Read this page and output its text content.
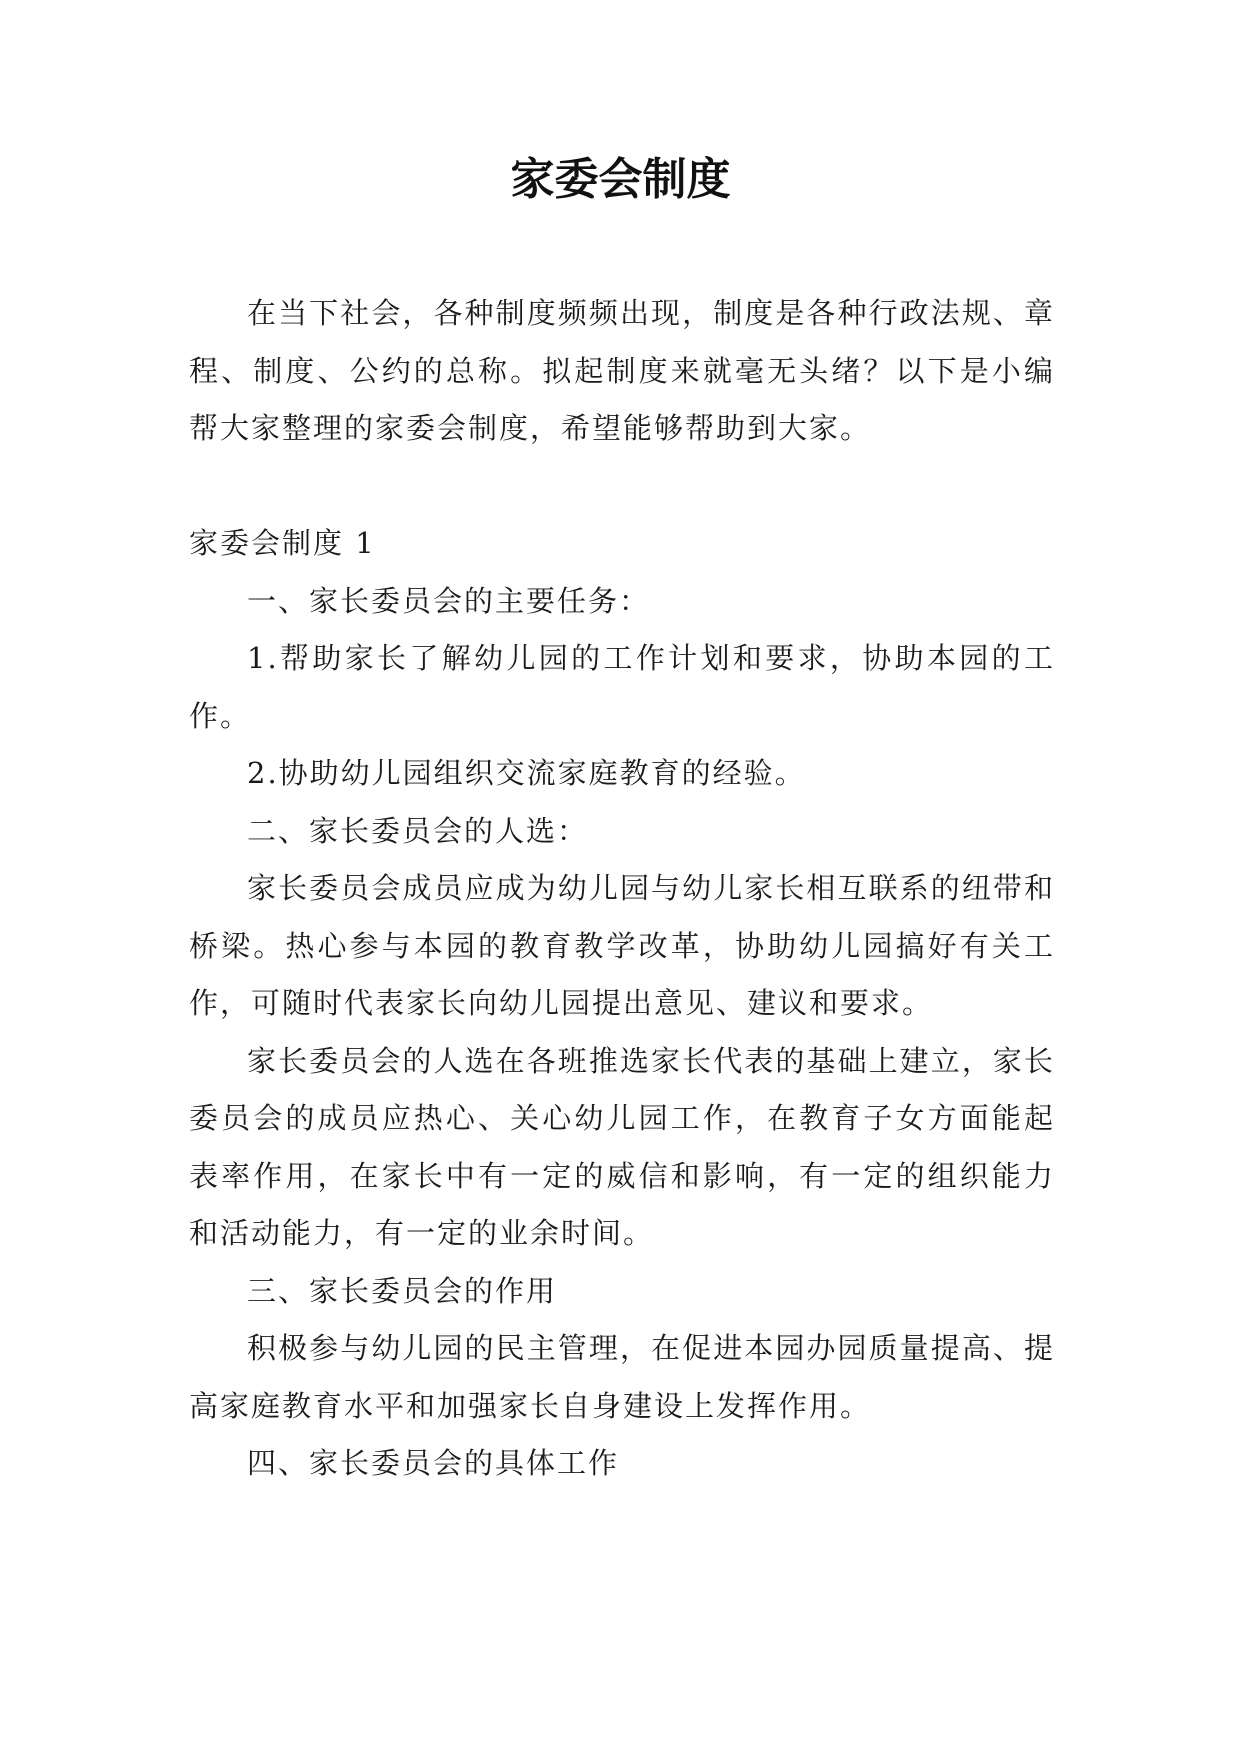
家委会制度

在当下社会，各种制度频频出现，制度是各种行政法规、章程、制度、公约的总称。拟起制度来就毫无头绪？以下是小编帮大家整理的家委会制度，希望能够帮助到大家。

家委会制度 1

一、家长委员会的主要任务：

1.帮助家长了解幼儿园的工作计划和要求，协助本园的工作。

2.协助幼儿园组织交流家庭教育的经验。

二、家长委员会的人选：

家长委员会成员应成为幼儿园与幼儿家长相互联系的纽带和桥梁。热心参与本园的教育教学改革，协助幼儿园搞好有关工作，可随时代表家长向幼儿园提出意见、建议和要求。

家长委员会的人选在各班推选家长代表的基础上建立，家长委员会的成员应热心、关心幼儿园工作，在教育子女方面能起表率作用，在家长中有一定的威信和影响，有一定的组织能力和活动能力，有一定的业余时间。

三、家长委员会的作用

积极参与幼儿园的民主管理，在促进本园办园质量提高、提高家庭教育水平和加强家长自身建设上发挥作用。

四、家长委员会的具体工作
